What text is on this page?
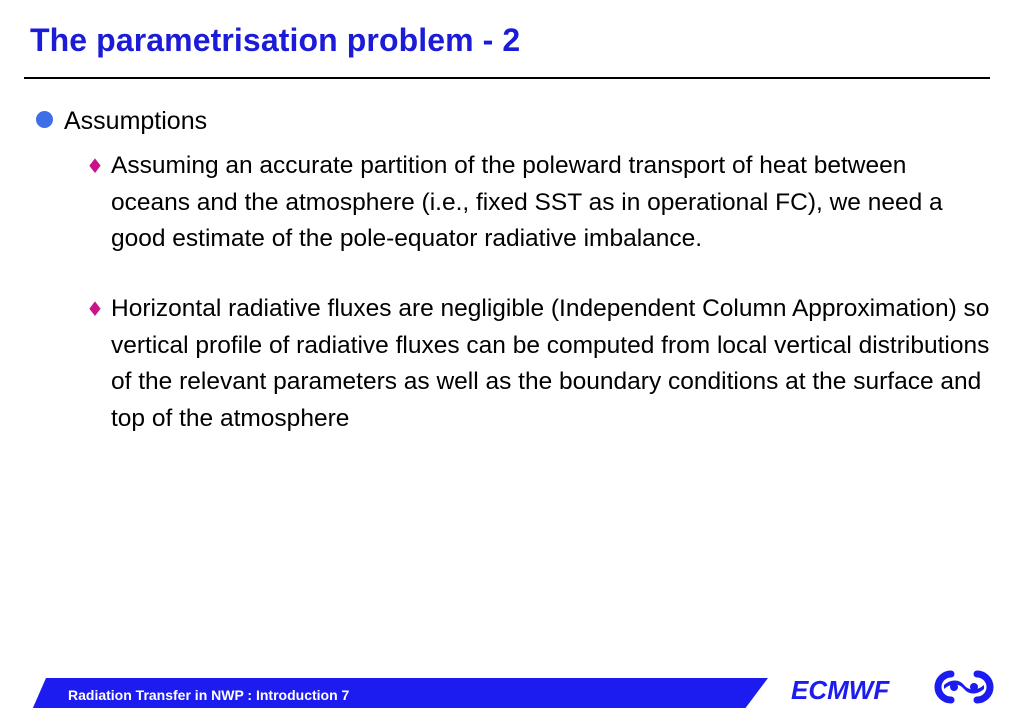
The parametrisation problem - 2
Assumptions
♦ Assuming an accurate partition of the poleward transport of heat between oceans and the atmosphere (i.e., fixed SST as in operational FC), we need a good estimate of the pole-equator radiative imbalance.
♦ Horizontal radiative fluxes are negligible (Independent Column Approximation) so vertical profile of radiative fluxes can be computed from local vertical distributions of the relevant parameters as well as the boundary conditions at the surface and top of the atmosphere
Radiation Transfer in NWP : Introduction 7	ECMWF
